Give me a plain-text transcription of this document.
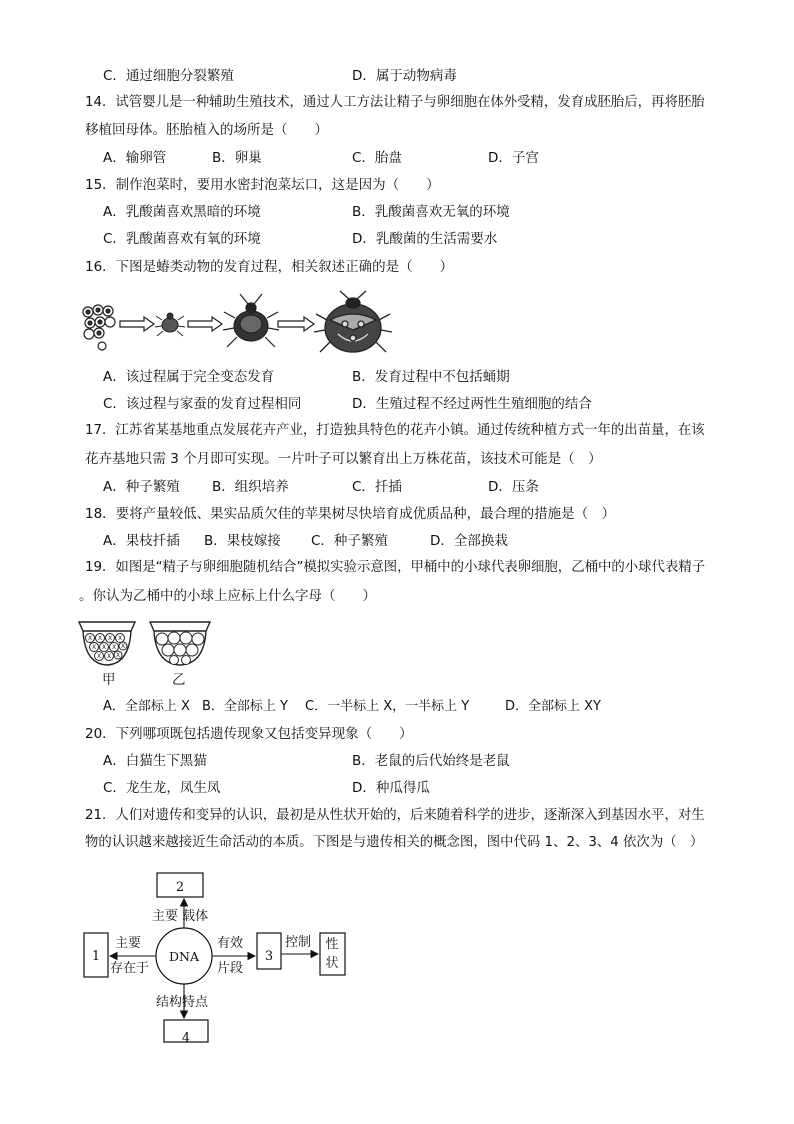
C．通过细胞分裂繁殖	D．属于动物病毒
14．试管婴儿是一种辅助生殖技术，通过人工方法让精子与卵细胞在体外受精，发育成胚胎后，再将胚胎
移植回母体。胚胎植入的场所是（　　）
A．输卵管	B．卵巢	C．胎盘	D．子宫
15．制作泡菜时，要用水密封泡菜坛口，这是因为（　　）
A．乳酸菌喜欢黑暗的环境	B．乳酸菌喜欢无氧的环境
C．乳酸菌喜欢有氧的环境	D．乳酸菌的生活需要水
16．下图是蝽类动物的发育过程，相关叙述正确的是（　　）
A．该过程属于完全变态发育	B．发育过程中不包括蛹期
C．该过程与家蚕的发育过程相同	D．生殖过程不经过两性生殖细胞的结合
17．江苏省某基地重点发展花卉产业，打造独具特色的花卉小镇。通过传统种植方式一年的出苗量，在该
花卉基地只需 3 个月即可实现。一片叶子可以繁育出上万株花苗，该技术可能是（　）
A．种子繁殖 B．组织培养	C．扦插	D．压条
18．要将产量较低、果实品质欠佳的苹果树尽快培育成优质品种，最合理的措施是（　）
A．果枝扦插 B．果枝嫁接 C．种子繁殖	D．全部换栽
19．如图是“精子与卵细胞随机结合”模拟实验示意图，甲桶中的小球代表卵细胞，乙桶中的小球代表精子
。你认为乙桶中的小球上应标上什么字母（　　）
X X X X
X X X X
X X X
甲	乙
A．全部标上 X B．全部标上 Y C．一半标上 X，一半标上 Y	D．全部标上 XY
20．下列哪项既包括遗传现象又包括变异现象（　　）
A．白猫生下黑猫	B．老鼠的后代始终是老鼠
C．龙生龙，凤生凤	D．种瓜得瓜
21．人们对遗传和变异的认识，最初是从性状开始的，后来随着科学的进步，逐渐深入到基因水平，对生
物的认识越来越接近生命活动的本质。下图是与遗传相关的概念图，图中代码 1、2、3、4 依次为（　）
2
1	3
4
DNA
性
状
主要 载体
主要
存在于
有效
片段
控制
结构特点
